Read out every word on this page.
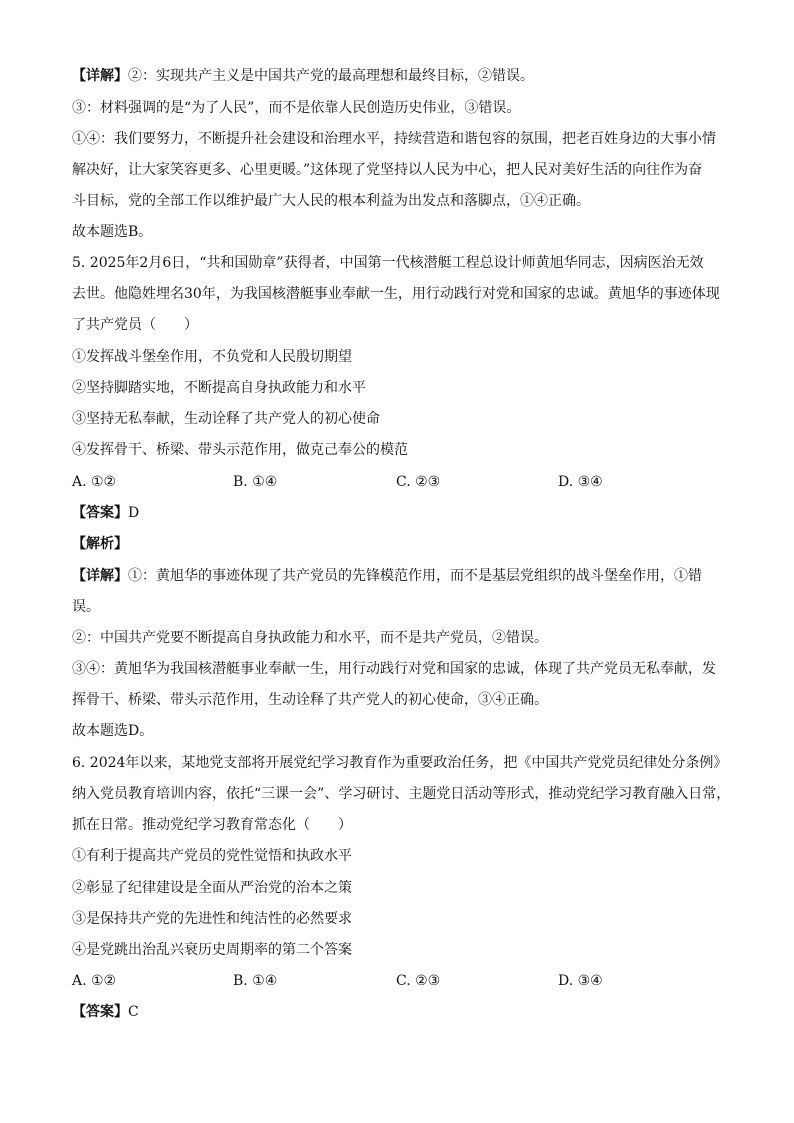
【详解】②：实现共产主义是中国共产党的最高理想和最终目标，②错误。
③：材料强调的是“为了人民”，而不是依靠人民创造历史伟业，③错误。
①④：我们要努力，不断提升社会建设和治理水平，持续营造和谐包容的氛围，把老百姓身边的大事小情
解决好，让大家笑容更多、心里更暖。”这体现了党坚持以人民为中心，把人民对美好生活的向往作为奋
斗目标，党的全部工作以维护最广大人民的根本利益为出发点和落脚点，①④正确。
故本题选B。
5. 2025年2月6日，“共和国勋章”获得者，中国第一代核潜艇工程总设计师黄旭华同志，因病医治无效
去世。他隐姓埋名30年，为我国核潜艇事业奉献一生，用行动践行对党和国家的忠诚。黄旭华的事迹体现
了共产党员（　　）
①发挥战斗堡垒作用，不负党和人民殷切期望
②坚持脚踏实地，不断提高自身执政能力和水平
③坚持无私奉献，生动诠释了共产党人的初心使命
④发挥骨干、桥梁、带头示范作用，做克己奉公的模范
A. ①②	B. ①④	C. ②③	D. ③④
【答案】D
【解析】
【详解】①：黄旭华的事迹体现了共产党员的先锋模范作用，而不是基层党组织的战斗堡垒作用，①错
误。
②：中国共产党要不断提高自身执政能力和水平，而不是共产党员，②错误。
③④：黄旭华为我国核潜艇事业奉献一生，用行动践行对党和国家的忠诚，体现了共产党员无私奉献，发
挥骨干、桥梁、带头示范作用，生动诠释了共产党人的初心使命，③④正确。
故本题选D。
6. 2024年以来，某地党支部将开展党纪学习教育作为重要政治任务，把《中国共产党党员纪律处分条例》
纳入党员教育培训内容，依托“三课一会”、学习研讨、主题党日活动等形式，推动党纪学习教育融入日常，
抓在日常。推动党纪学习教育常态化（　　）
①有利于提高共产党员的党性觉悟和执政水平
②彰显了纪律建设是全面从严治党的治本之策
③是保持共产党的先进性和纯洁性的必然要求
④是党跳出治乱兴衰历史周期率的第二个答案
A. ①②	B. ①④	C. ②③	D. ③④
【答案】C
